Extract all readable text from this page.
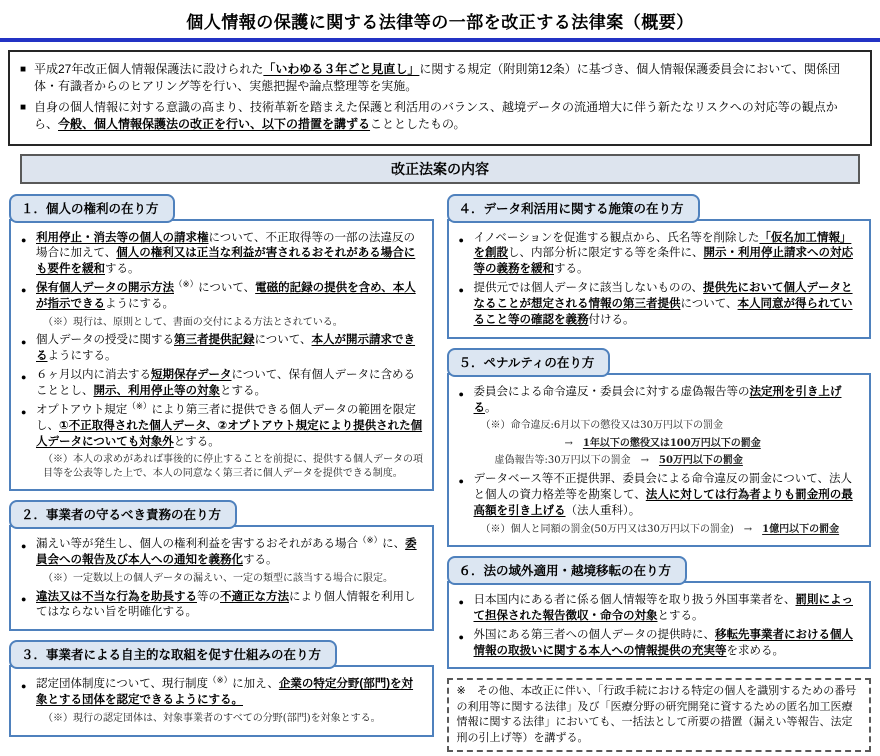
個人情報の保護に関する法律等の一部を改正する法律案（概要）
■ 平成27年改正個人情報保護法に設けられた「いわゆる３年ごと見直し」に関する規定（附則第12条）に基づき、個人情報保護委員会において、関係団体・有識者からのヒアリング等を行い、実態把握や論点整理等を実施。
■ 自身の個人情報に対する意識の高まり、技術革新を踏まえた保護と利活用のバランス、越境データの流通増大に伴う新たなリスクへの対応等の観点から、今般、個人情報保護法の改正を行い、以下の措置を講ずることとしたもの。
改正法案の内容
１．個人の権利の在り方
● 利用停止・消去等の個人の請求権について、不正取得等の一部の法違反の場合に加えて、個人の権利又は正当な利益が害されるおそれがある場合にも要件を緩和する。
● 保有個人データの開示方法（※）について、電磁的記録の提供を含め、本人が指示できるようにする。
（※）現行は、原則として、書面の交付による方法とされている。
● 個人データの授受に関する第三者提供記録について、本人が開示請求できるようにする。
● ６ヶ月以内に消去する短期保存データについて、保有個人データに含めることとし、開示、利用停止等の対象とする。
● オプトアウト規定（※）により第三者に提供できる個人データの範囲を限定し、①不正取得された個人データ、②オプトアウト規定により提供された個人データについても対象外とする。
（※）本人の求めがあれば事後的に停止することを前提に、提供する個人データの項目等を公表等した上で、本人の同意なく第三者に個人データを提供できる制度。
２．事業者の守るべき責務の在り方
● 漏えい等が発生し、個人の権利利益を害するおそれがある場合（※）に、委員会への報告及び本人への通知を義務化する。
（※）一定数以上の個人データの漏えい、一定の類型に該当する場合に限定。
● 違法又は不当な行為を助長する等の不適正な方法により個人情報を利用してはならない旨を明確化する。
３．事業者による自主的な取組を促す仕組みの在り方
● 認定団体制度について、現行制度（※）に加え、企業の特定分野(部門)を対象とする団体を認定できるようにする。
（※）現行の認定団体は、対象事業者のすべての分野(部門)を対象とする。
４．データ利活用に関する施策の在り方
● イノベーションを促進する観点から、氏名等を削除した「仮名加工情報」を創設し、内部分析に限定する等を条件に、開示・利用停止請求への対応等の義務を緩和する。
● 提供元では個人データに該当しないものの、提供先において個人データとなることが想定される情報の第三者提供について、本人同意が得られていること等の確認を義務付ける。
５．ペナルティの在り方
● 委員会による命令違反・委員会に対する虚偽報告等の法定刑を引き上げる。
（※）命令違反:6月以下の懲役又は30万円以下の罰金
→　1年以下の懲役又は100万円以下の罰金
虚偽報告等:30万円以下の罰金　→　50万円以下の罰金
● データベース等不正提供罪、委員会による命令違反の罰金について、法人と個人の資力格差等を勘案して、法人に対しては行為者よりも罰金刑の最高額を引き上げる（法人重科）。
（※）個人と同額の罰金(50万円又は30万円以下の罰金)　→　1億円以下の罰金
６．法の域外適用・越境移転の在り方
● 日本国内にある者に係る個人情報等を取り扱う外国事業者を、罰則によって担保された報告徴収・命令の対象とする。
● 外国にある第三者への個人データの提供時に、移転先事業者における個人情報の取扱いに関する本人への情報提供の充実等を求める。
※　その他、本改正に伴い、「行政手続における特定の個人を識別するための番号の利用等に関する法律」及び「医療分野の研究開発に資するための匿名加工医療情報に関する法律」においても、一括法として所要の措置（漏えい等報告、法定刑の引上げ等）を講ずる。
